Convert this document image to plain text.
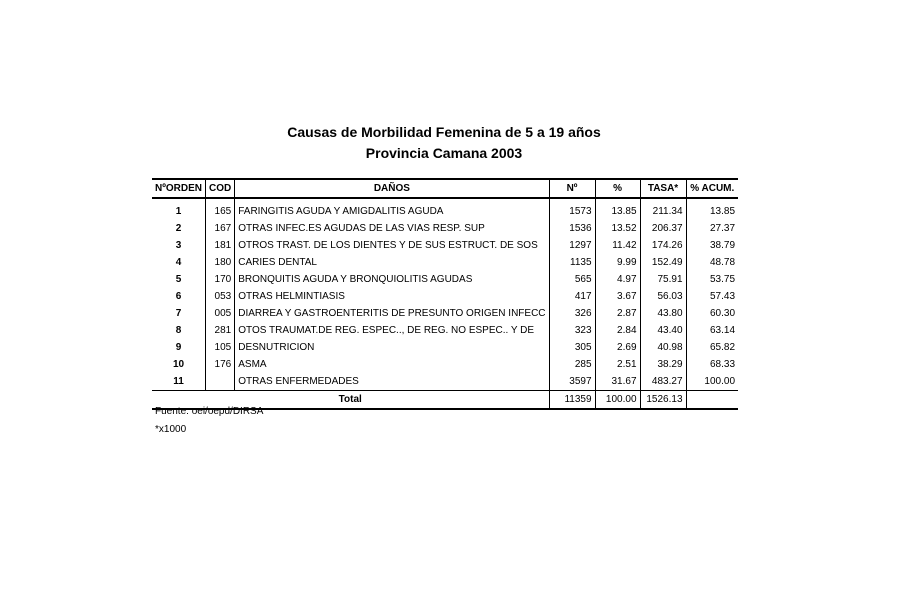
Causas de Morbilidad Femenina de 5 a 19 años
Provincia Camana 2003
NºORDEN	COD	DAÑOS	Nº	%	TASA*	% ACUM.
1	165	FARINGITIS AGUDA Y AMIGDALITIS AGUDA	1573	13.85	211.34	13.85
2	167	OTRAS INFEC.ES AGUDAS DE LAS VIAS RESP. SUP	1536	13.52	206.37	27.37
3	181	OTROS TRAST. DE LOS DIENTES Y DE SUS ESTRUCT. DE SOS	1297	11.42	174.26	38.79
4	180	CARIES DENTAL	1135	9.99	152.49	48.78
5	170	BRONQUITIS AGUDA Y BRONQUIOLITIS AGUDAS	565	4.97	75.91	53.75
6	053	OTRAS HELMINTIASIS	417	3.67	56.03	57.43
7	005	DIARREA Y GASTROENTERITIS DE PRESUNTO ORIGEN INFECC	326	2.87	43.80	60.30
8	281	OTOS TRAUMAT.DE REG. ESPEC.., DE REG. NO ESPEC.. Y DE	323	2.84	43.40	63.14
9	105	DESNUTRICION	305	2.69	40.98	65.82
10	176	ASMA	285	2.51	38.29	68.33
11		OTRAS ENFERMEDADES	3597	31.67	483.27	100.00
Total			11359	100.00	1526.13	
Fuente: oei/oepd/DIRSA
*x1000
